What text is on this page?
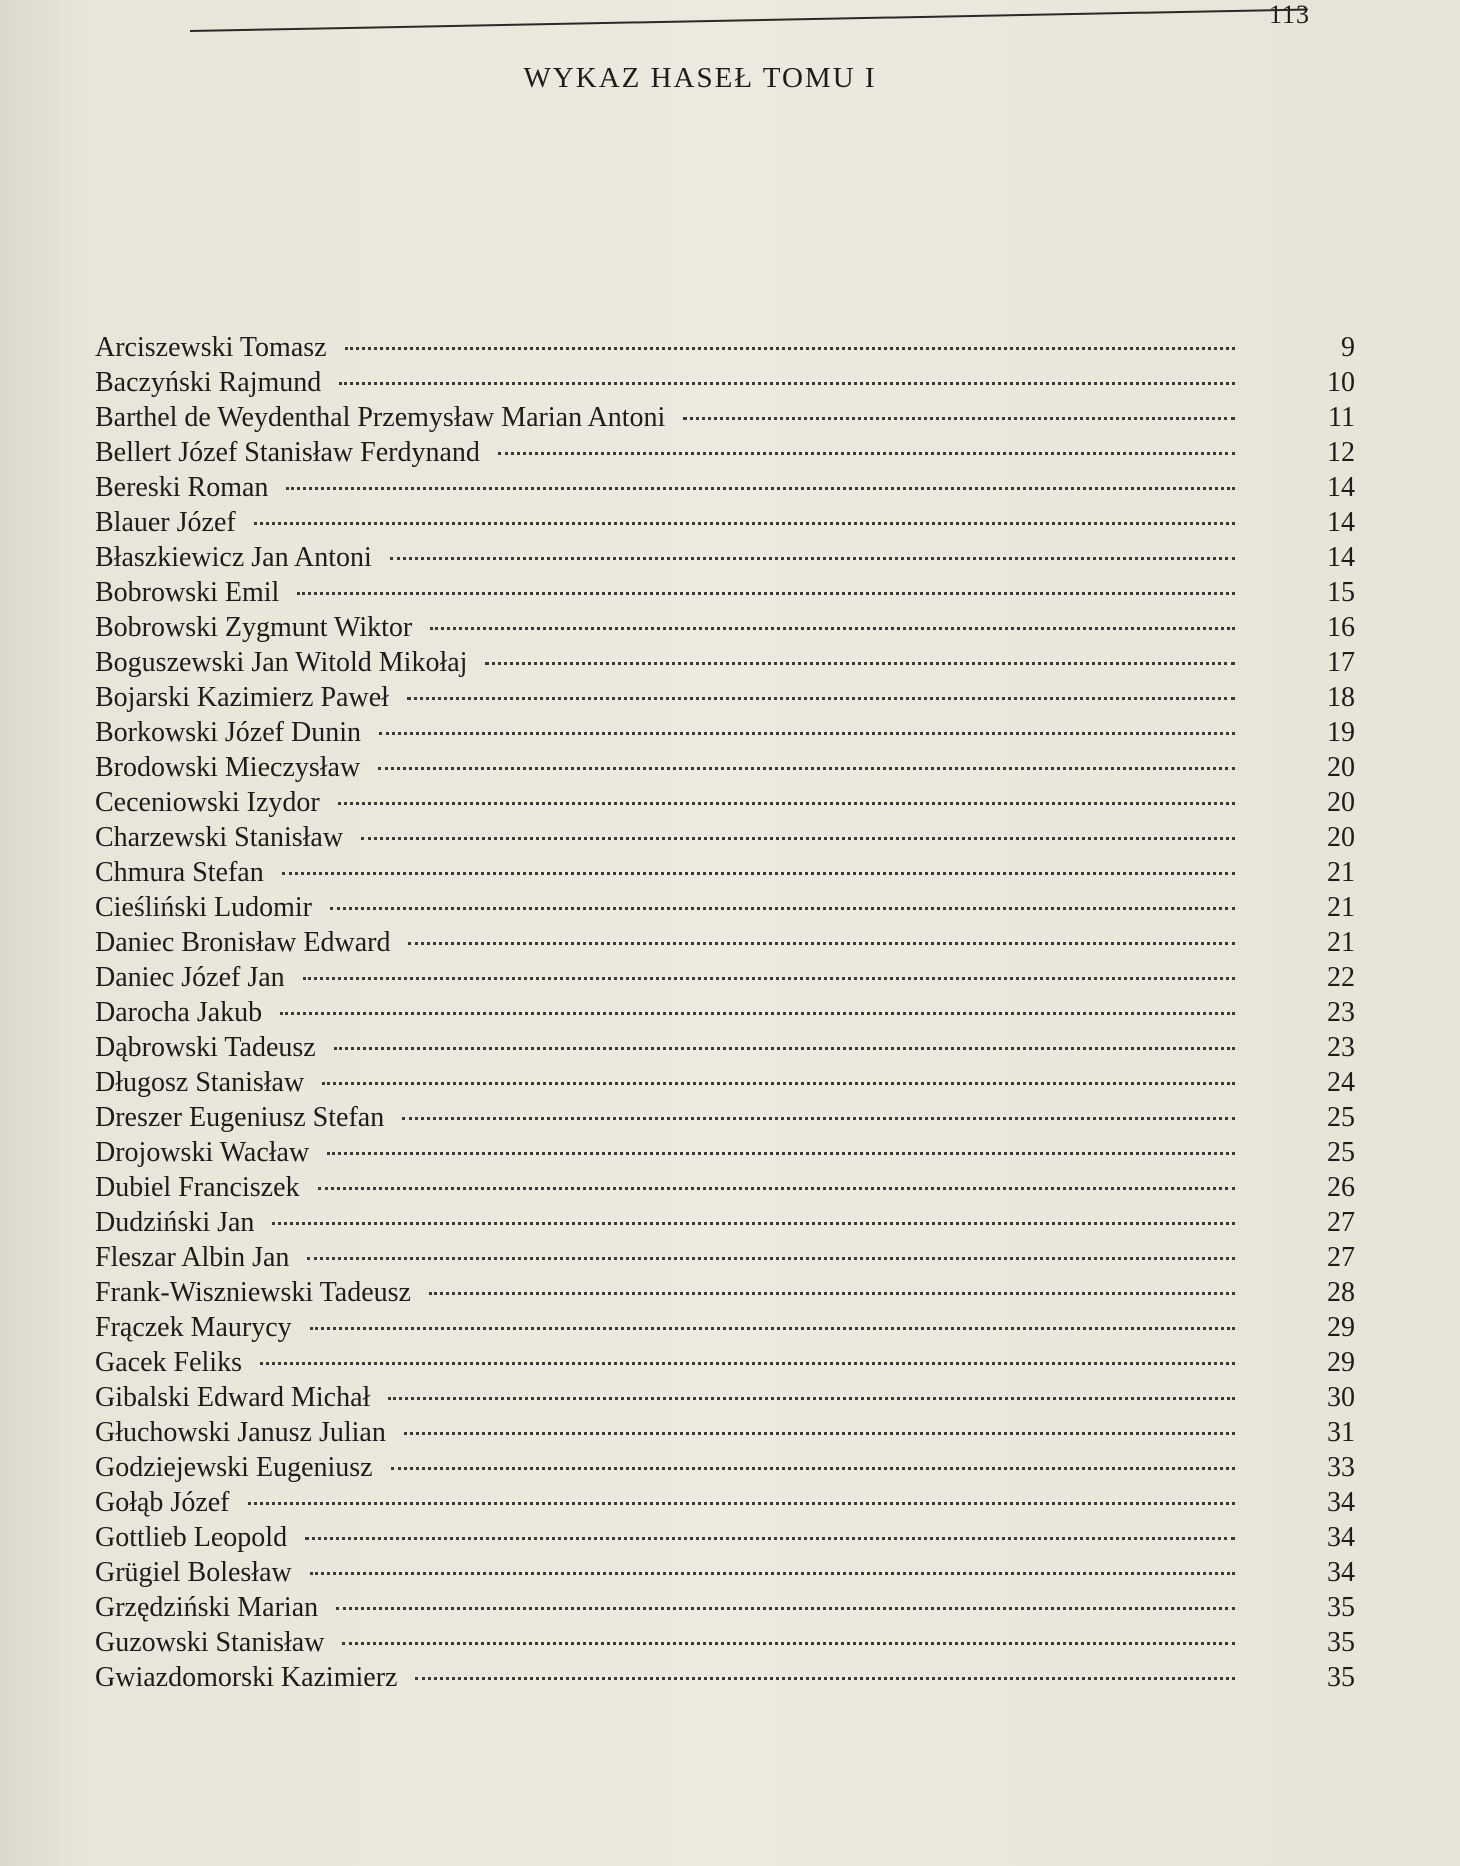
113
WYKAZ HASEŁ TOMU I
Arciszewski Tomasz	9
Baczyński Rajmund	10
Barthel de Weydenthal Przemysław Marian Antoni	11
Bellert Józef Stanisław Ferdynand	12
Bereski Roman	14
Blauer Józef	14
Błaszkiewicz Jan Antoni	14
Bobrowski Emil	15
Bobrowski Zygmunt Wiktor	16
Boguszewski Jan Witold Mikołaj	17
Bojarski Kazimierz Paweł	18
Borkowski Józef Dunin	19
Brodowski Mieczysław	20
Ceceniowski Izydor	20
Charzewski Stanisław	20
Chmura Stefan	21
Cieśliński Ludomir	21
Daniec Bronisław Edward	21
Daniec Józef Jan	22
Darocha Jakub	23
Dąbrowski Tadeusz	23
Długosz Stanisław	24
Dreszer Eugeniusz Stefan	25
Drojowski Wacław	25
Dubiel Franciszek	26
Dudziński Jan	27
Fleszar Albin Jan	27
Frank-Wiszniewski Tadeusz	28
Frączek Maurycy	29
Gacek Feliks	29
Gibalski Edward Michał	30
Głuchowski Janusz Julian	31
Godziejewski Eugeniusz	33
Gołąb Józef	34
Gottlieb Leopold	34
Grügiel Bolesław	34
Grzędziński Marian	35
Guzowski Stanisław	35
Gwiazdomorski Kazimierz	35
